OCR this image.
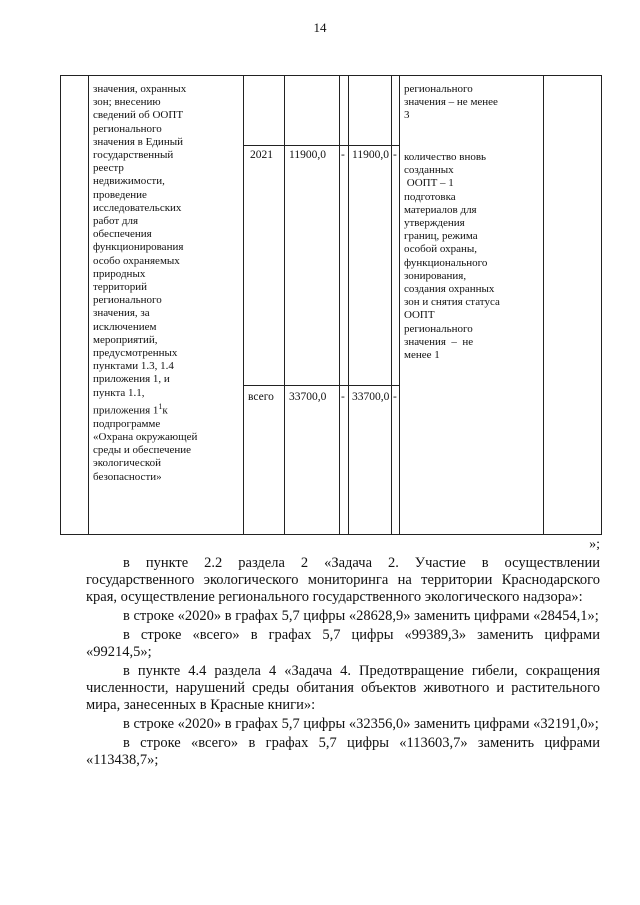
14
значения, охранных
зон; внесению
сведений об ООПТ
регионального
значения в Единый
государственный
реестр
недвижимости,
проведение
исследовательских
работ для
обеспечения
функционирования
особо охраняемых
природных
территорий
регионального
значения, за
исключением
мероприятий,
предусмотренных
пунктами 1.3, 1.4
приложения 1, и
пункта 1.1,
приложения $1^1к$
подпрограмме
«Охрана окружающей
среды и обеспечение
экологической
безопасности»
регионального
значения – не менее
3
2021 11900,0 - 11900,0 - количество вновь
созданных
ООПТ – 1
подготовка
материалов для
утверждения
границ, режима
особой охраны,
функционального
зонирования,
создания охранных
зон и снятия статуса
ООПТ
регионального
значения  –  не
менее 1
всего 33700,0 - 33700,0 -
»;

в пункте 2.2 раздела 2 «Задача 2. Участие в осуществлении государственного экологического мониторинга на территории Краснодарского края, осуществление регионального государственного экологического надзора»:

в строке «2020» в графах 5,7 цифры «28628,9» заменить цифрами «28454,1»;

в строке «всего» в графах 5,7 цифры «99389,3» заменить цифрами «99214,5»;

в пункте 4.4 раздела 4 «Задача 4. Предотвращение гибели, сокращения численности, нарушений среды обитания объектов животного и растительного мира, занесенных в Красные книги»:

в строке «2020» в графах 5,7 цифры «32356,0» заменить цифрами «32191,0»;

в строке «всего» в графах 5,7 цифры «113603,7» заменить цифрами «113438,7»;
